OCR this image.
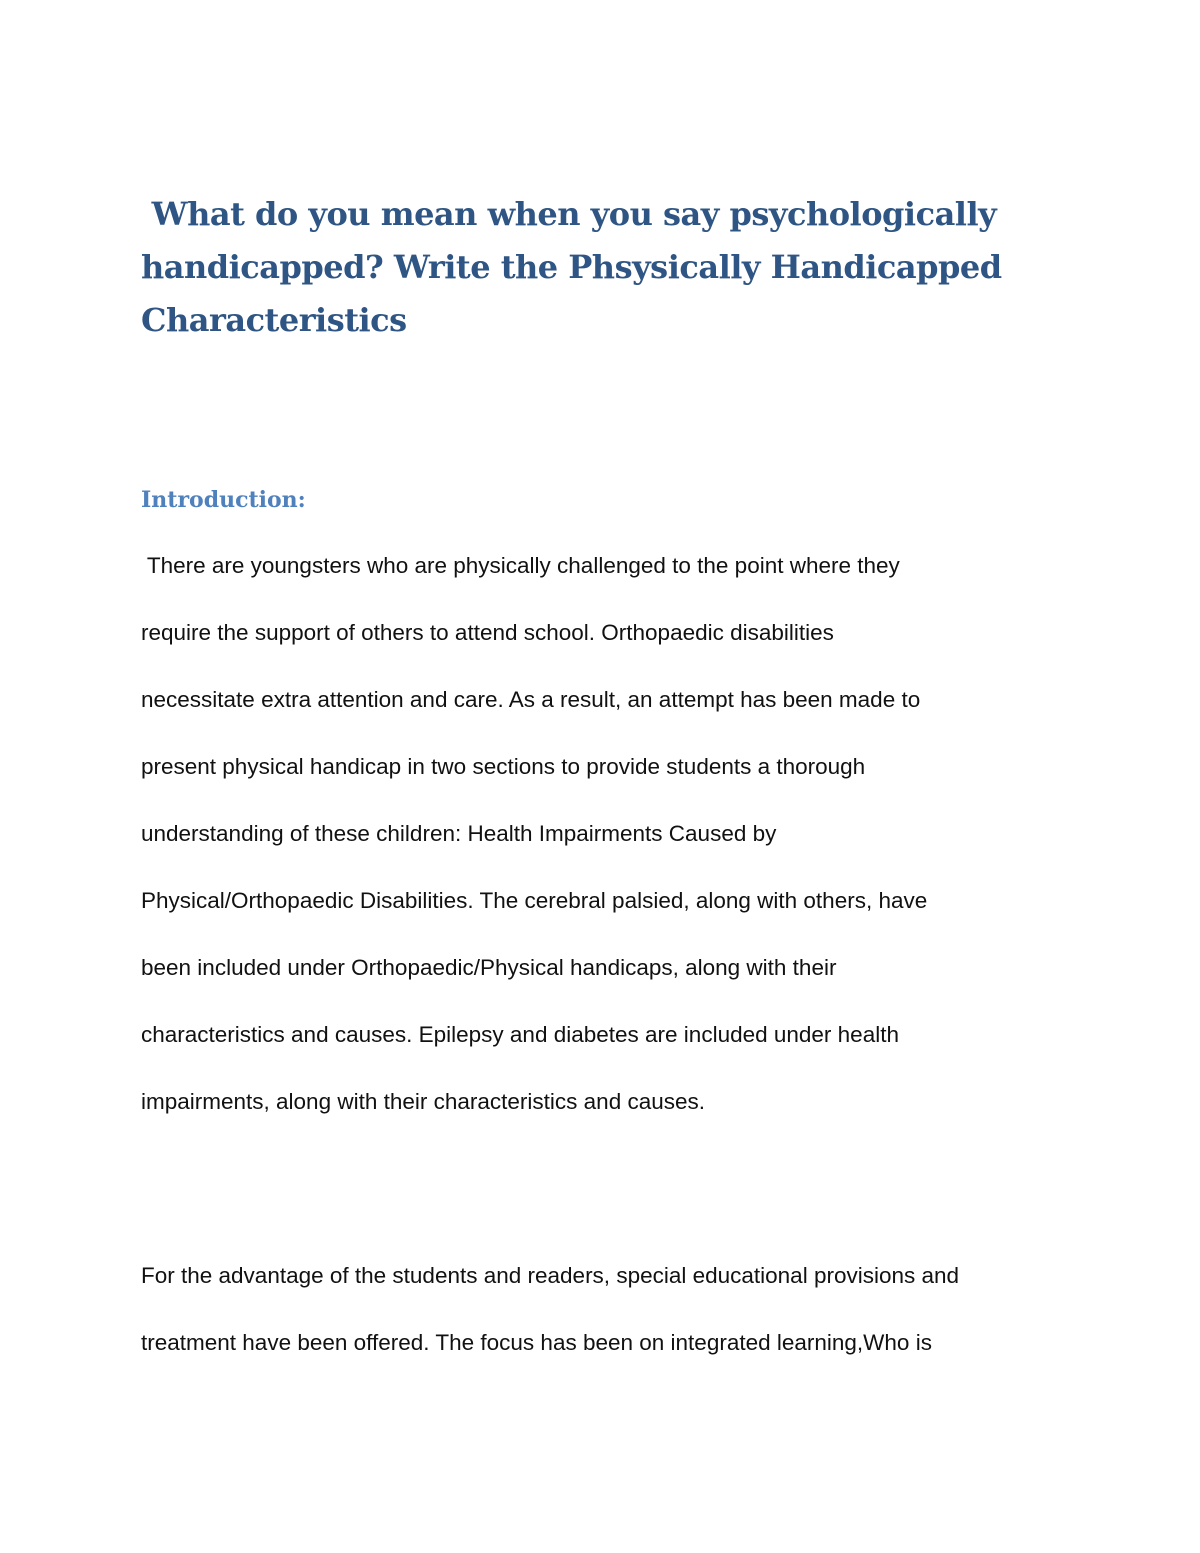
What do you mean when you say psychologically
handicapped? Write the Phsysically Handicapped
Characteristics
Introduction:
There are youngsters who are physically challenged to the point where they
require the support of others to attend school. Orthopaedic disabilities
necessitate extra attention and care. As a result, an attempt has been made to
present physical handicap in two sections to provide students a thorough
understanding of these children: Health Impairments Caused by
Physical/Orthopaedic Disabilities. The cerebral palsied, along with others, have
been included under Orthopaedic/Physical handicaps, along with their
characteristics and causes. Epilepsy and diabetes are included under health
impairments, along with their characteristics and causes.
For the advantage of the students and readers, special educational provisions and
treatment have been offered. The focus has been on integrated learning,Who is
